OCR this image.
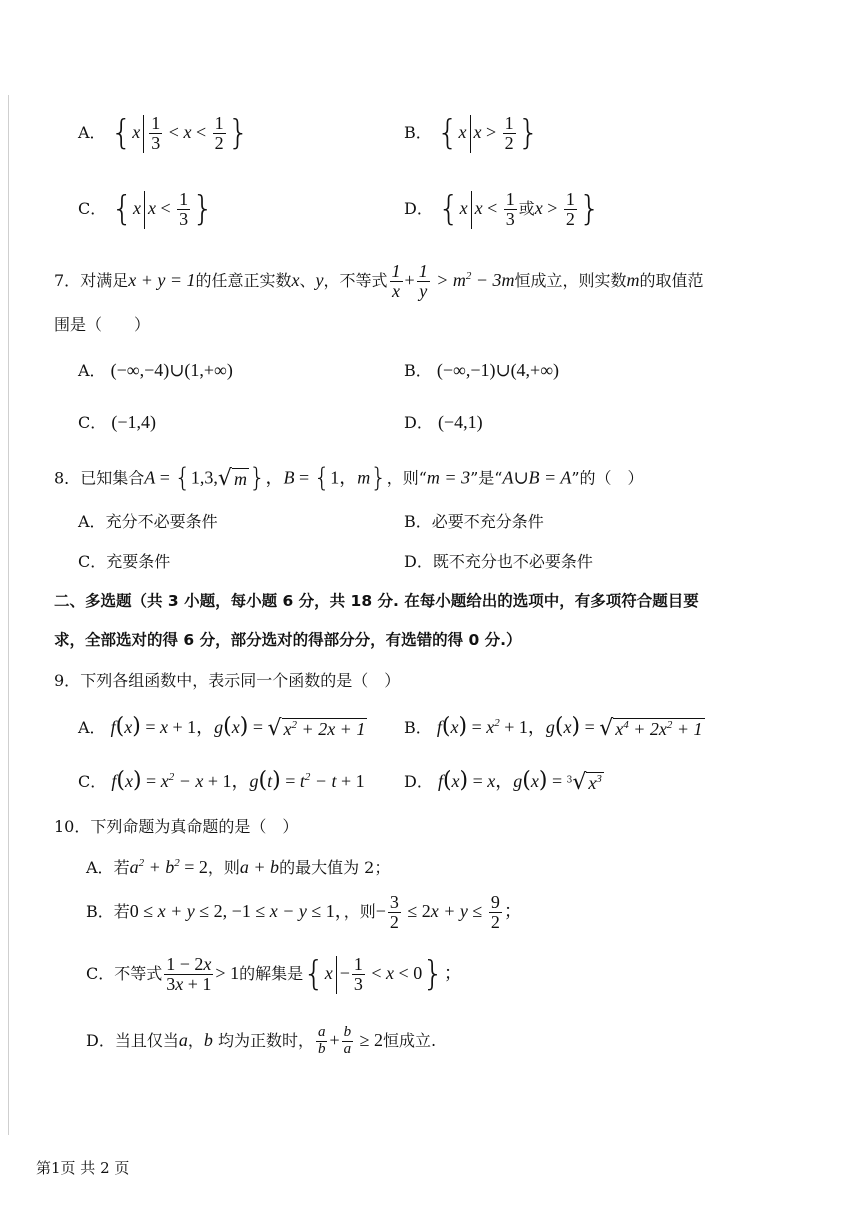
A． {$x \frac{1}{3} < x < \frac{1}{2}$ }	B． {x $x > \frac{1}{2}$ }
C． {x $x < \frac{1}{3}$ }	D． {x $x < \frac{1}{3}$ 或$x > \frac{1}{2}$ }
7．对满足x + y = 1的任意正实数x、y，不等式 $\frac{1}{x} + \frac{1}{y} > m^2 - 3m$恒成立，则实数m的取值范
围是（　　）
A． (−∞,−4)∪(1,+∞)	B． (−∞,−1)∪(4,+∞)
C． (−1,4)	D． (−4,1)
8．已知集合A = {1,3,√ m}，B = {1，m}，则“m = 3”是“A∪B = A”的（　）
A．充分不必要条件	B．必要不充分条件
C．充要条件	D．既不充分也不必要条件
二、多选题（共 3 小题，每小题 6 分，共 18 分. 在每小题给出的选项中，有多项符合题目要
求，全部选对的得 6 分，部分选对的得部分分，有选错的得 0 分.）
9．下列各组函数中，表示同一个函数的是（　）
A． f(x) = x + 1，g(x) = √ $x^2 + 2x + 1$ B． $f(x) = x^2 + 1$，g(x) = √ $x^4 + 2x^2 + 1$
C． $f(x) = x^2 - x + 1$，$g(t) = t^2 - t + 1$ D． f(x) = x，g(x) = $^3$√ $x^3$
10．下列命题为真命题的是（　）
A．若$a^2 + b^2 = 2$，则a + b的最大值为 2；
B．若0 ≤ x + y ≤ 2, −1 ≤ x − y ≤ 1，，则− $\frac{3}{2} \le 2x + y \le \frac{9}{2}$ ；
C．不等式 $\frac{1 - 2x}{3x + 1} > 1$的解集是$\{x - \frac{1}{3} < x < 0\}$；
D．当且仅当a，b 均为正数时， $\frac{a}{b} + \frac{b}{a} \ge 2$恒成立.
第1页 共 2 页
